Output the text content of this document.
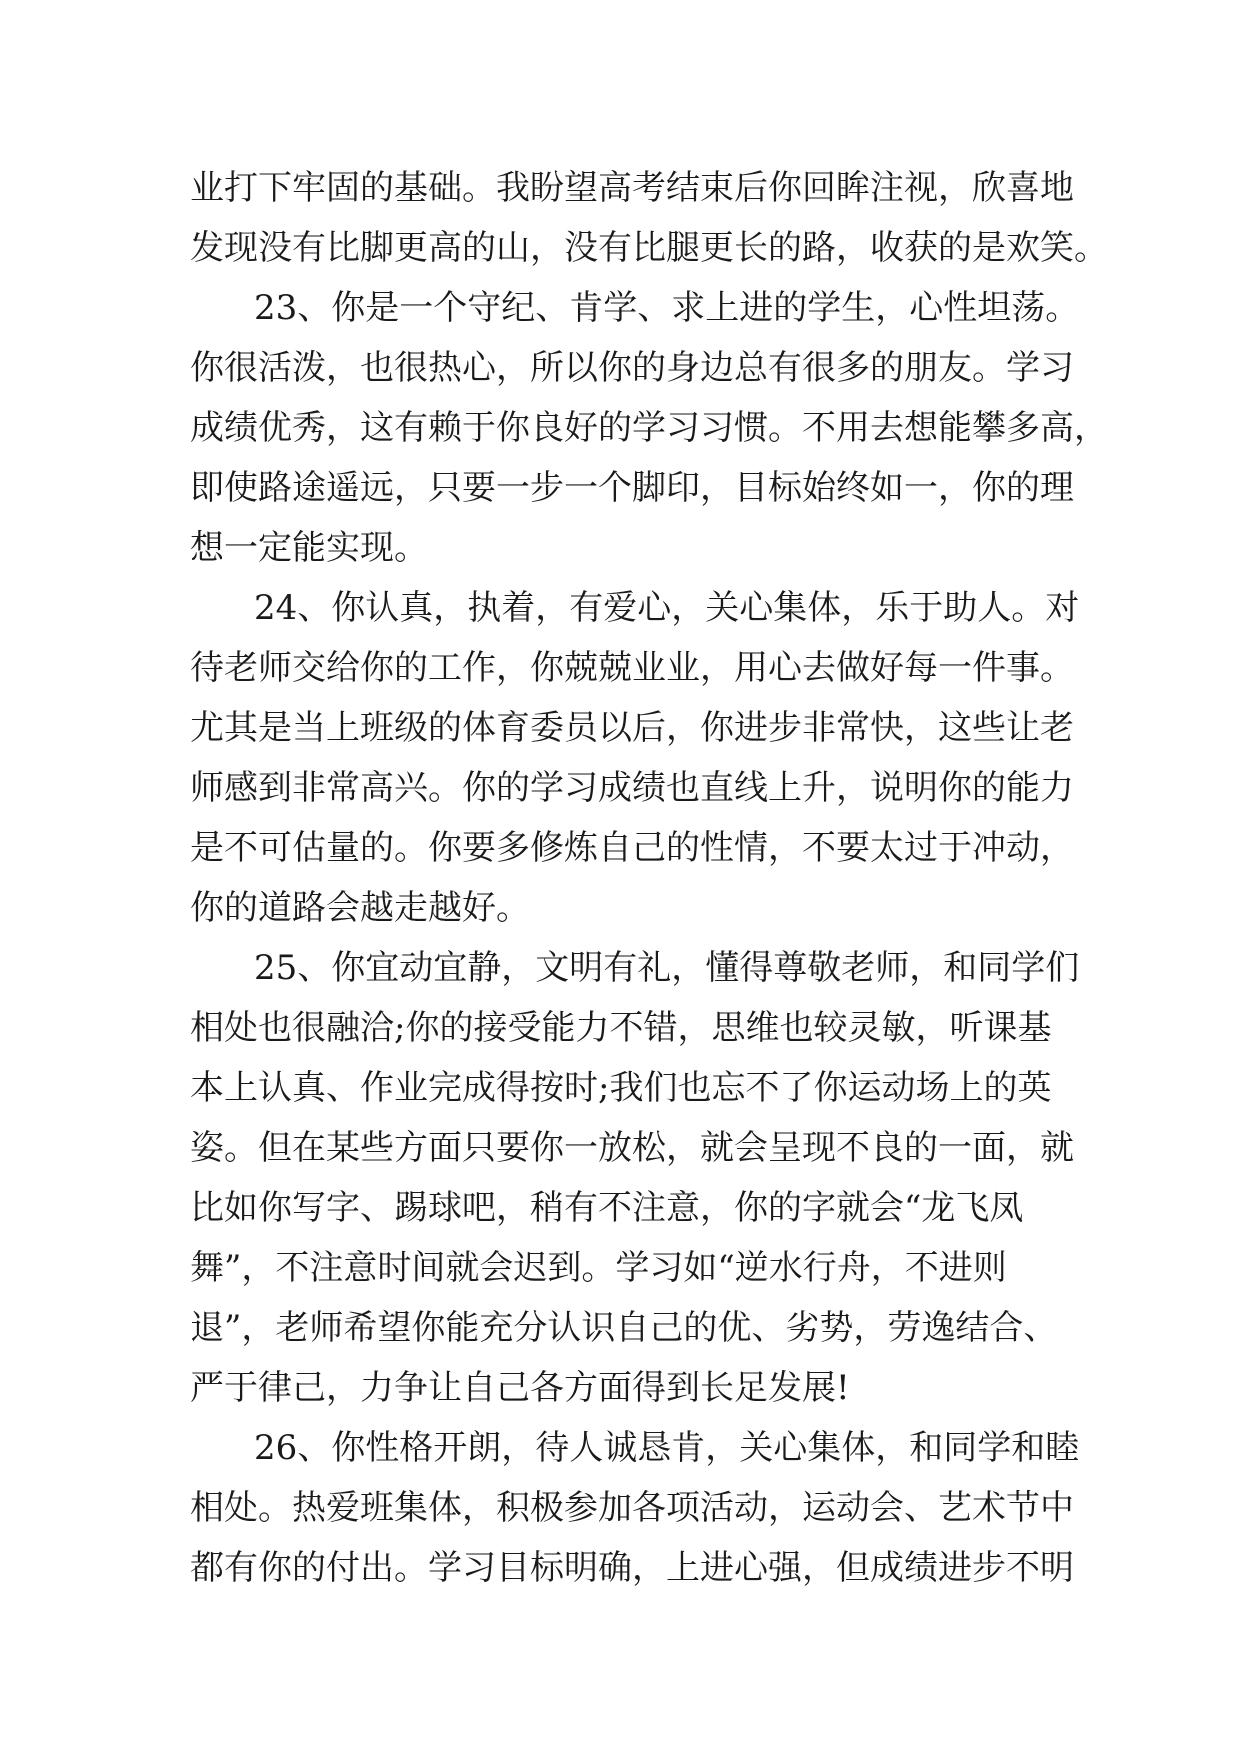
业打下牢固的基础。我盼望高考结束后你回眸注视，欣喜地

发现没有比脚更高的山，没有比腿更长的路，收获的是欢笑。

23、你是一个守纪、肯学、求上进的学生，心性坦荡。

你很活泼，也很热心，所以你的身边总有很多的朋友。学习

成绩优秀，这有赖于你良好的学习习惯。不用去想能攀多高，

即使路途遥远，只要一步一个脚印，目标始终如一，你的理

想一定能实现。

24、你认真，执着，有爱心，关心集体，乐于助人。对

待老师交给你的工作，你兢兢业业，用心去做好每一件事。

尤其是当上班级的体育委员以后，你进步非常快，这些让老

师感到非常高兴。你的学习成绩也直线上升，说明你的能力

是不可估量的。你要多修炼自己的性情，不要太过于冲动，

你的道路会越走越好。

25、你宜动宜静，文明有礼，懂得尊敬老师，和同学们

相处也很融洽;你的接受能力不错，思维也较灵敏，听课基

本上认真、作业完成得按时;我们也忘不了你运动场上的英

姿。但在某些方面只要你一放松，就会呈现不良的一面，就

比如你写字、踢球吧，稍有不注意，你的字就会“龙飞凤

舞”，不注意时间就会迟到。学习如“逆水行舟，不进则

退”，老师希望你能充分认识自己的优、劣势，劳逸结合、

严于律己，力争让自己各方面得到长足发展!

26、你性格开朗，待人诚恳肯，关心集体，和同学和睦

相处。热爱班集体，积极参加各项活动，运动会、艺术节中

都有你的付出。学习目标明确，上进心强，但成绩进步不明
